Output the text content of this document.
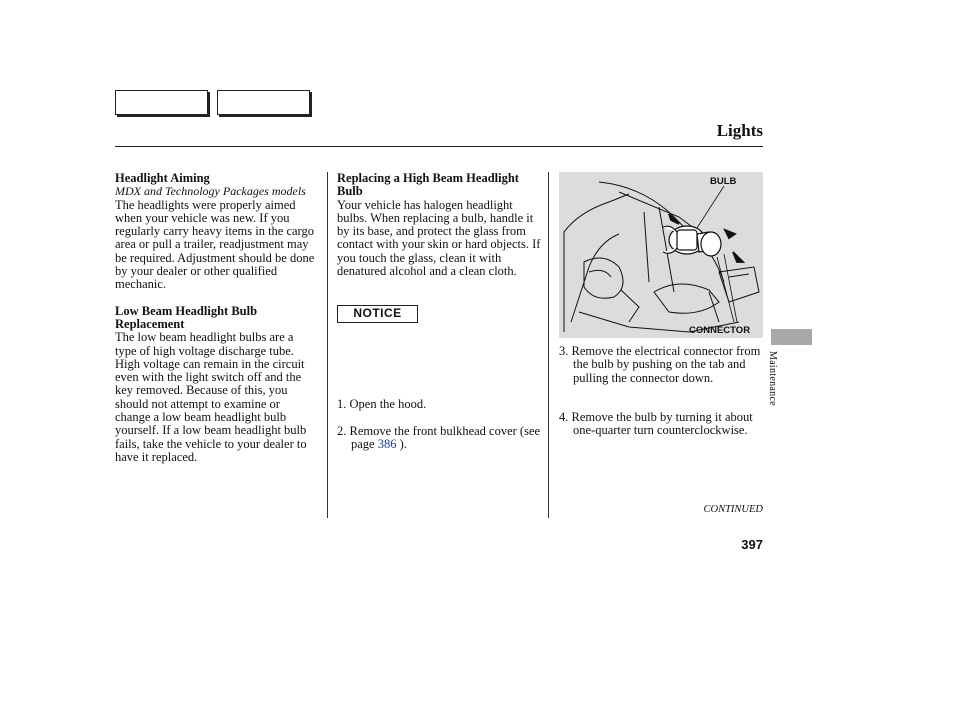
Lights
Headlight Aiming
MDX and Technology Packages models
The headlights were properly aimed when your vehicle was new. If you regularly carry heavy items in the cargo area or pull a trailer, readjustment may be required. Adjustment should be done by your dealer or other qualified mechanic.
Low Beam Headlight Bulb Replacement
The low beam headlight bulbs are a type of high voltage discharge tube. High voltage can remain in the circuit even with the light switch off and the key removed. Because of this, you should not attempt to examine or change a low beam headlight bulb yourself. If a low beam headlight bulb fails, take the vehicle to your dealer to have it replaced.
Replacing a High Beam Headlight Bulb
Your vehicle has halogen headlight bulbs. When replacing a bulb, handle it by its base, and protect the glass from contact with your skin or hard objects. If you touch the glass, clean it with denatured alcohol and a clean cloth.
NOTICE
1. Open the hood.
2. Remove the front bulkhead cover (see page 386 ).
BULB
CONNECTOR
3. Remove the electrical connector from the bulb by pushing on the tab and pulling the connector down.
4. Remove the bulb by turning it about one-quarter turn counterclockwise.
Maintenance
CONTINUED
397
